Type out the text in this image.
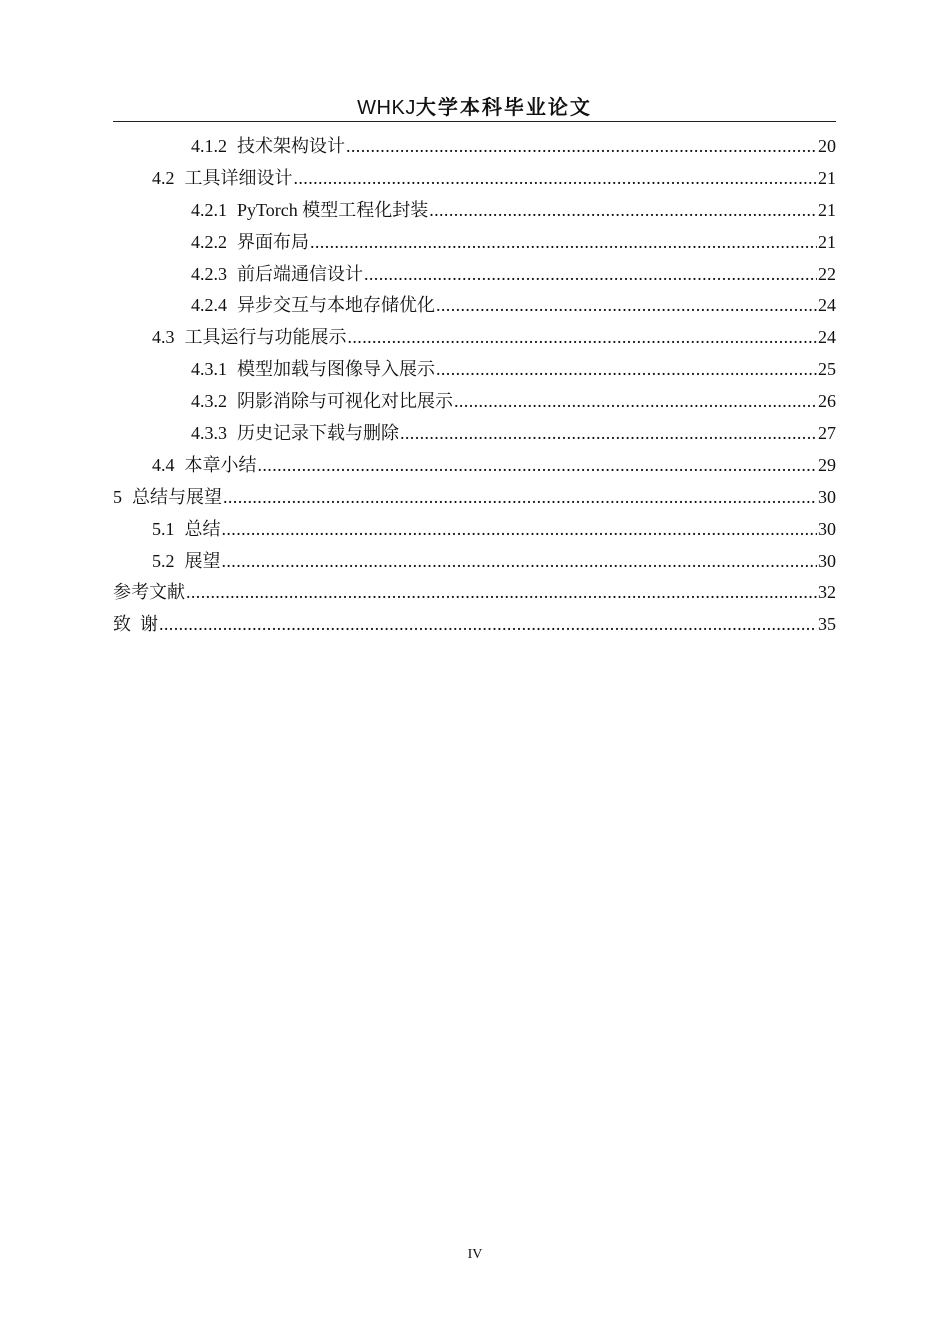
WHKJ大学本科毕业论文
4.1.2 技术架构设计 .....	20
4.2 工具详细设计 .....	21
4.2.1 PyTorch 模型工程化封装 .....	21
4.2.2 界面布局 .....	21
4.2.3 前后端通信设计 .....	22
4.2.4 异步交互与本地存储优化 .....	24
4.3 工具运行与功能展示 .....	24
4.3.1 模型加载与图像导入展示 .....	25
4.3.2 阴影消除与可视化对比展示 .....	26
4.3.3 历史记录下载与删除 .....	27
4.4 本章小结 .....	29
5 总结与展望 .....	30
5.1 总结 .....	30
5.2 展望 .....	30
参考文献 .....	32
致  谢 .....	35
IV
